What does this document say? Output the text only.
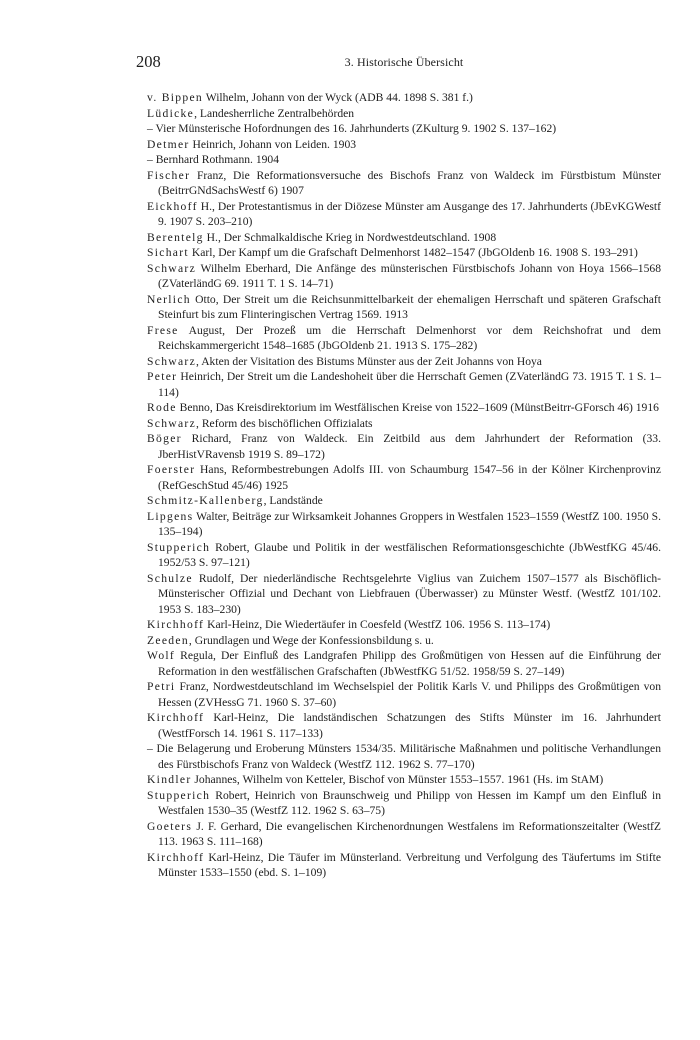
208	3. Historische Übersicht

v. Bippen Wilhelm, Johann von der Wyck (ADB 44. 1898 S. 381 f.)

Lüdicke, Landesherrliche Zentralbehörden

– Vier Münsterische Hofordnungen des 16. Jahrhunderts (ZKulturg 9. 1902 S. 137–162)

Detmer Heinrich, Johann von Leiden. 1903

– Bernhard Rothmann. 1904

Fischer Franz, Die Reformationsversuche des Bischofs Franz von Waldeck im Fürstbistum Münster (BeitrrGNdSachsWestf 6) 1907

Eickhoff H., Der Protestantismus in der Diözese Münster am Ausgange des 17. Jahrhunderts (JbEvKGWestf 9. 1907 S. 203–210)

Berentelg H., Der Schmalkaldische Krieg in Nordwestdeutschland. 1908

Sichart Karl, Der Kampf um die Grafschaft Delmenhorst 1482–1547 (JbGOldenb 16. 1908 S. 193–291)

Schwarz Wilhelm Eberhard, Die Anfänge des münsterischen Fürstbischofs Johann von Hoya 1566–1568 (ZVaterländG 69. 1911 T. 1 S. 14–71)

Nerlich Otto, Der Streit um die Reichsunmittelbarkeit der ehemaligen Herrschaft und späteren Grafschaft Steinfurt bis zum Flinteringischen Vertrag 1569. 1913

Frese August, Der Prozeß um die Herrschaft Delmenhorst vor dem Reichshofrat und dem Reichskammergericht 1548–1685 (JbGOldenb 21. 1913 S. 175–282)

Schwarz, Akten der Visitation des Bistums Münster aus der Zeit Johanns von Hoya

Peter Heinrich, Der Streit um die Landeshoheit über die Herrschaft Gemen (ZVaterländG 73. 1915 T. 1 S. 1–114)

Rode Benno, Das Kreisdirektorium im Westfälischen Kreise von 1522–1609 (MünstBeitrr-GForsch 46) 1916

Schwarz, Reform des bischöflichen Offizialats

Böger Richard, Franz von Waldeck. Ein Zeitbild aus dem Jahrhundert der Reformation (33. JberHistVRavensb 1919 S. 89–172)

Foerster Hans, Reformbestrebungen Adolfs III. von Schaumburg 1547–56 in der Kölner Kirchenprovinz (RefGeschStud 45/46) 1925

Schmitz-Kallenberg, Landstände

Lipgens Walter, Beiträge zur Wirksamkeit Johannes Groppers in Westfalen 1523–1559 (WestfZ 100. 1950 S. 135–194)

Stupperich Robert, Glaube und Politik in der westfälischen Reformationsgeschichte (JbWestfKG 45/46. 1952/53 S. 97–121)

Schulze Rudolf, Der niederländische Rechtsgelehrte Viglius van Zuichem 1507–1577 als Bischöflich-Münsterischer Offizial und Dechant von Liebfrauen (Überwasser) zu Münster Westf. (WestfZ 101/102. 1953 S. 183–230)

Kirchhoff Karl-Heinz, Die Wiedertäufer in Coesfeld (WestfZ 106. 1956 S. 113–174)

Zeeden, Grundlagen und Wege der Konfessionsbildung s. u.

Wolf Regula, Der Einfluß des Landgrafen Philipp des Großmütigen von Hessen auf die Einführung der Reformation in den westfälischen Grafschaften (JbWestfKG 51/52. 1958/59 S. 27–149)

Petri Franz, Nordwestdeutschland im Wechselspiel der Politik Karls V. und Philipps des Großmütigen von Hessen (ZVHessG 71. 1960 S. 37–60)

Kirchhoff Karl-Heinz, Die landständischen Schatzungen des Stifts Münster im 16. Jahrhundert (WestfForsch 14. 1961 S. 117–133)

– Die Belagerung und Eroberung Münsters 1534/35. Militärische Maßnahmen und politische Verhandlungen des Fürstbischofs Franz von Waldeck (WestfZ 112. 1962 S. 77–170)

Kindler Johannes, Wilhelm von Ketteler, Bischof von Münster 1553–1557. 1961 (Hs. im StAM)

Stupperich Robert, Heinrich von Braunschweig und Philipp von Hessen im Kampf um den Einfluß in Westfalen 1530–35 (WestfZ 112. 1962 S. 63–75)

Goeters J. F. Gerhard, Die evangelischen Kirchenordnungen Westfalens im Reformationszeitalter (WestfZ 113. 1963 S. 111–168)

Kirchhoff Karl-Heinz, Die Täufer im Münsterland. Verbreitung und Verfolgung des Täufertums im Stifte Münster 1533–1550 (ebd. S. 1–109)
